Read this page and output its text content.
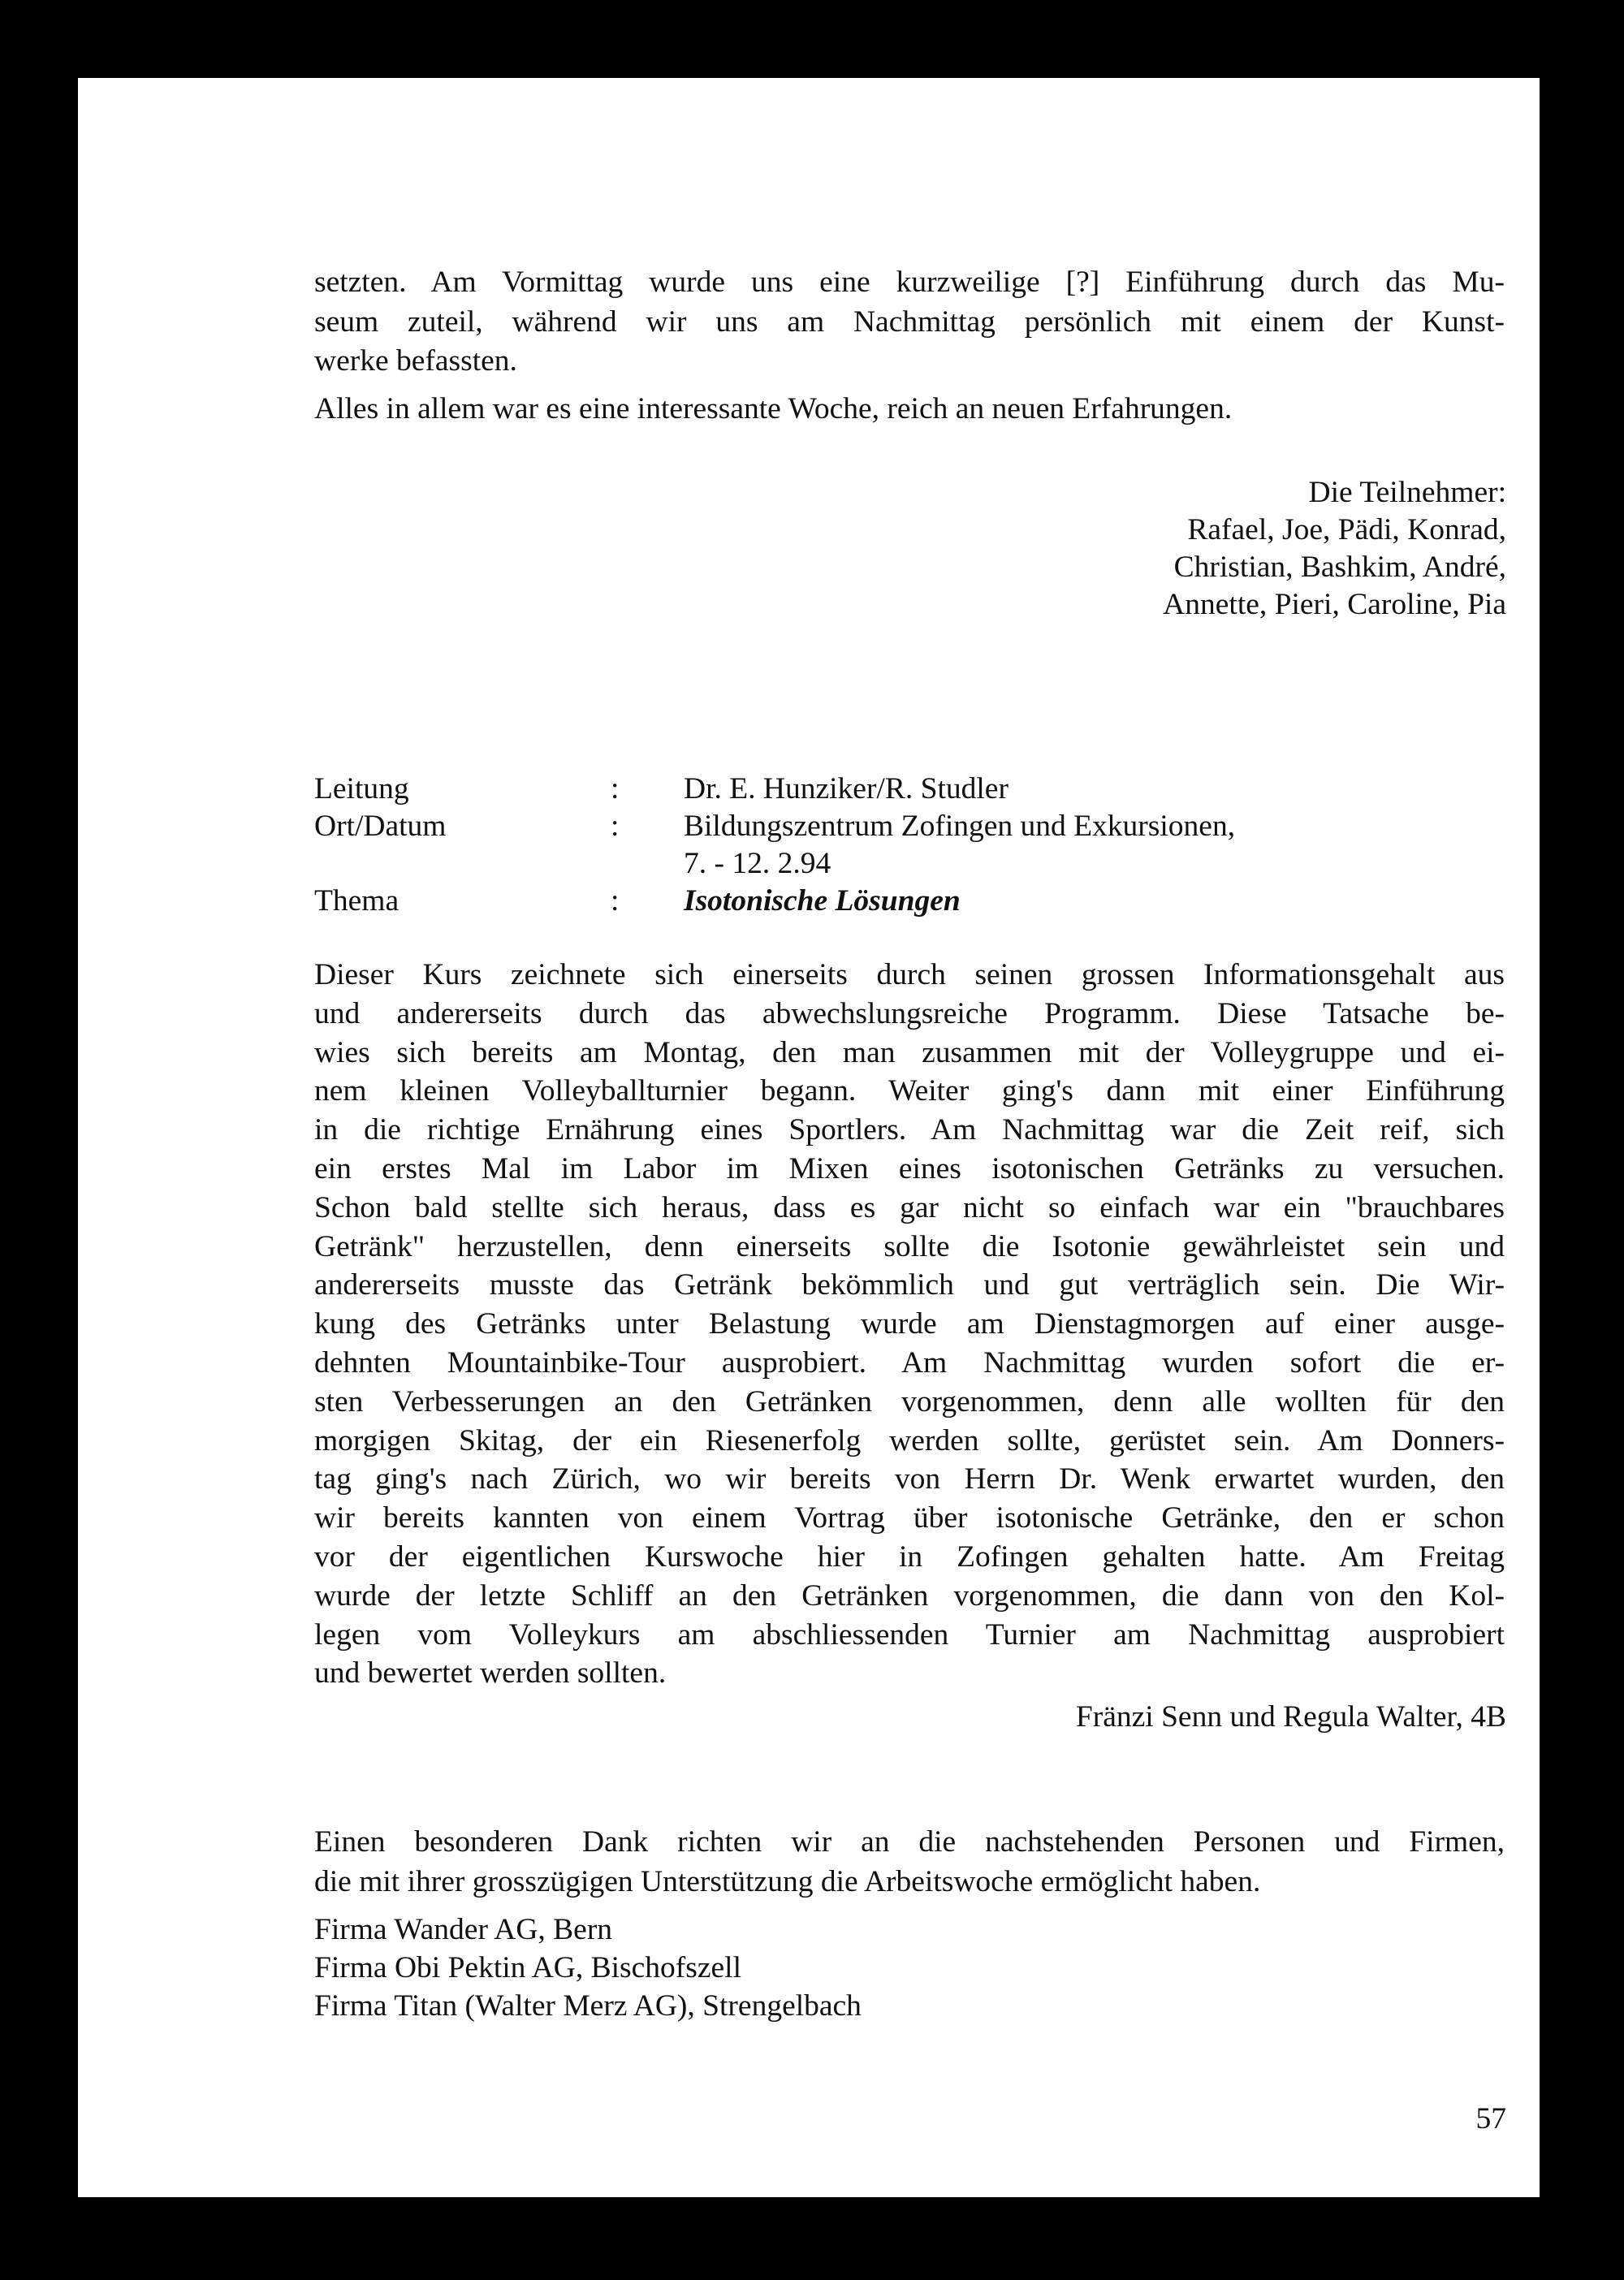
setzten. Am Vormittag wurde uns eine kurzweilige [?] Einführung durch das Mu-
seum zuteil, während wir uns am Nachmittag persönlich mit einem der Kunst-
werke befassten.
Alles in allem war es eine interessante Woche, reich an neuen Erfahrungen.
Die Teilnehmer:
Rafael, Joe, Pädi, Konrad,
Christian, Bashkim, André,
Annette, Pieri, Caroline, Pia
Leitung	: Dr. E. Hunziker/R. Studler
Ort/Datum	: Bildungszentrum Zofingen und Exkursionen,
7. - 12. 2.94
Thema	: Isotonische Lösungen
Dieser Kurs zeichnete sich einerseits durch seinen grossen Informationsgehalt aus
und andererseits durch das abwechslungsreiche Programm. Diese Tatsache be-
wies sich bereits am Montag, den man zusammen mit der Volleygruppe und ei-
nem kleinen Volleyballturnier begann. Weiter ging's dann mit einer Einführung
in die richtige Ernährung eines Sportlers. Am Nachmittag war die Zeit reif, sich
ein erstes Mal im Labor im Mixen eines isotonischen Getränks zu versuchen.
Schon bald stellte sich heraus, dass es gar nicht so einfach war ein "brauchbares
Getränk" herzustellen, denn einerseits sollte die Isotonie gewährleistet sein und
andererseits musste das Getränk bekömmlich und gut verträglich sein. Die Wir-
kung des Getränks unter Belastung wurde am Dienstagmorgen auf einer ausge-
dehnten Mountainbike-Tour ausprobiert. Am Nachmittag wurden sofort die er-
sten Verbesserungen an den Getränken vorgenommen, denn alle wollten für den
morgigen Skitag, der ein Riesenerfolg werden sollte, gerüstet sein. Am Donners-
tag ging's nach Zürich, wo wir bereits von Herrn Dr. Wenk erwartet wurden, den
wir bereits kannten von einem Vortrag über isotonische Getränke, den er schon
vor der eigentlichen Kurswoche hier in Zofingen gehalten hatte. Am Freitag
wurde der letzte Schliff an den Getränken vorgenommen, die dann von den Kol-
legen vom Volleykurs am abschliessenden Turnier am Nachmittag ausprobiert
und bewertet werden sollten.
Fränzi Senn und Regula Walter, 4B
Einen besonderen Dank richten wir an die nachstehenden Personen und Firmen,
die mit ihrer grosszügigen Unterstützung die Arbeitswoche ermöglicht haben.
Firma Wander AG, Bern
Firma Obi Pektin AG, Bischofszell
Firma Titan (Walter Merz AG), Strengelbach
57
